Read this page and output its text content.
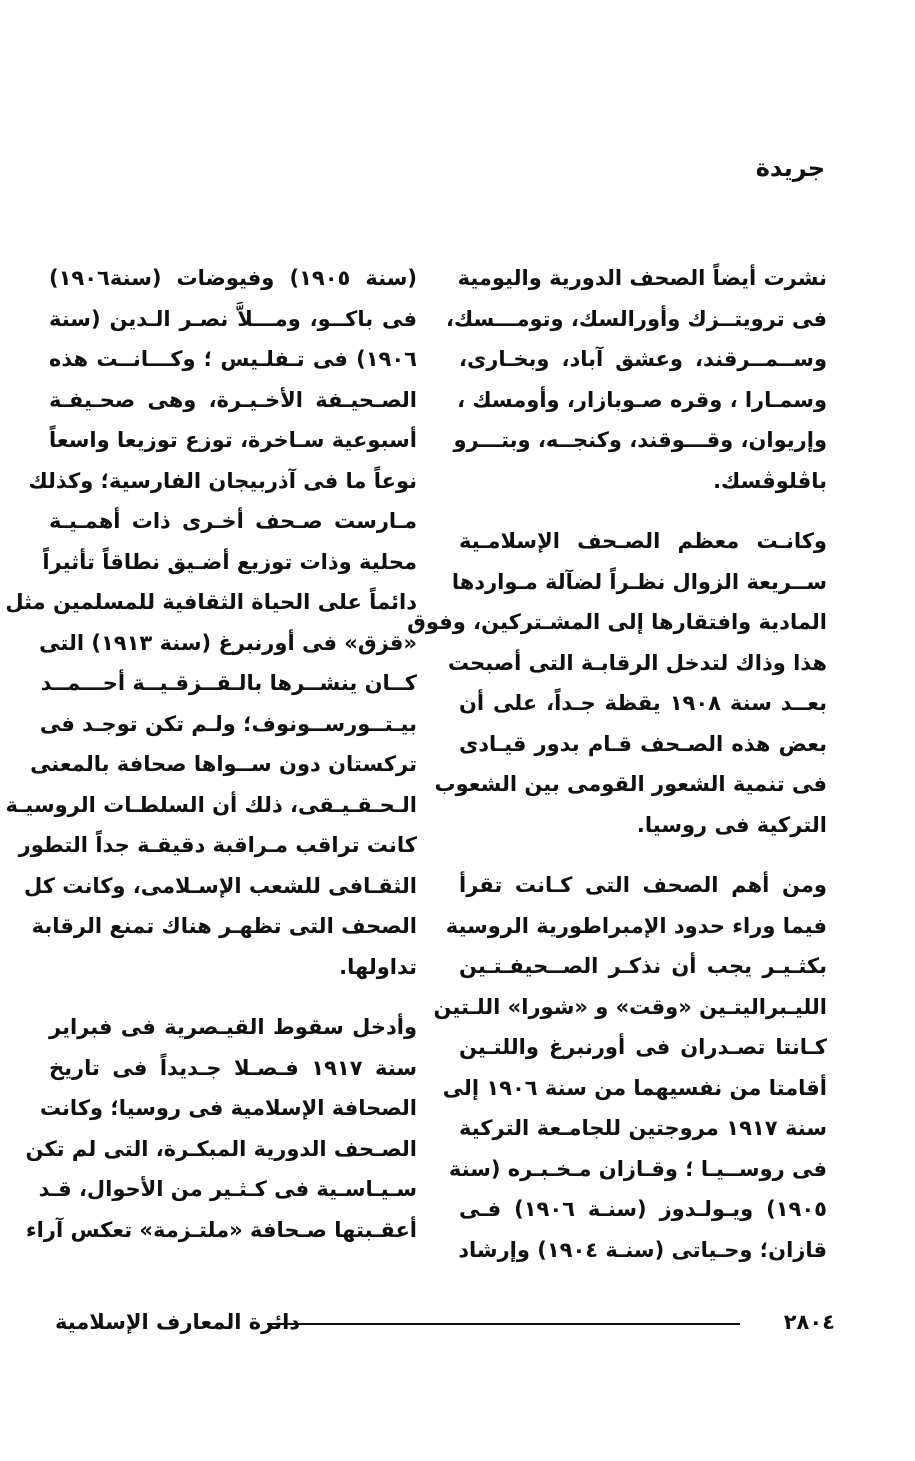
جريدة
نشرت أيضاً الصحف الدورية واليومية
فى ترويتــزك وأورالسك، وتومـــسك،
وســمــرقند، وعشق آباد، وبخـارى،
وسمـارا ، وقره صـوبازار، وأومسك ،
وإريوان، وقـــوقند، وكنجــه، وبتـــرو
باڤلوڤسك.
وكانـت معظم الصـحف الإسلامـية
ســريعة الزوال نظـراً لضآلة مـواردها
المادية وافتقارها إلى المشـتركين، وفوق
هذا وذاك لتدخل الرقابـة التى أصبحت
بعــد سنة ١٩٠٨ يقظة جـداً، على أن
بعض هذه الصـحف قـام بدور قيـادى
فى تنمية الشعور القومى بين الشعوب
التركية فى روسيا.
ومن أهم الصحف التى كـانت تقرأ
فيما وراء حدود الإمبراطورية الروسية
بكثـيـر يجب أن نذكـر الصــحيفـتـين
الليـبراليتـين «وقت» و «شورا» اللـتين
كـانتا تصـدران فى أورنبرغ واللتـين
أقامتا من نفسيهما من سنة ١٩٠٦ إلى
سنة ١٩١٧ مروجتين للجامـعة التركية
فى روســيـا ؛ وقـازان مـخـبـره (سنة
١٩٠٥) ويـولـدوز (سنـة ١٩٠٦) فـى
قازان؛ وحـياتى (سنـة ١٩٠٤) وإرشاد
(سنة ١٩٠٥) وفيوضات (سنة١٩٠٦)
فى باكــو، ومـــلاَّ نصـر الـدين (سنة
١٩٠٦) فى تـفلـيس ؛ وكـــانــت هذه
الصـحيـفة الأخـيـرة، وهى صحـيفـة
أسبوعية سـاخرة، توزع توزيعا واسعاً
نوعاً ما فى آذربيجان الفارسية؛ وكذلك
مـارست صـحف أخـرى ذات أهمـيـة
محلية وذات توزيع أضـيق نطاقاً تأثيراً
دائماً على الحياة الثقافية للمسلمين مثل
«قزق» فى أورنبرغ (سنة ١٩١٣) التى
كــان ينشــرها بالـقــزقـيــة أحـــمــد
بيـتــورســونوف؛ ولـم تكن توجـد فى
تركستان دون ســواها صحافة بالمعنى
الـحـقـيـقى، ذلك أن السلطـات الروسيـة
كانت تراقب مـراقبة دقيقـة جداً التطور
الثقـافى للشعب الإسـلامى، وكانت كل
الصحف التى تظهـر هناك تمنع الرقابة
تداولها.
وأدخل سقوط القيـصرية فى فبراير
سنة ١٩١٧ فـصـلا جـديداً فى تاريخ
الصحافة الإسلامية فى روسيا؛ وكانت
الصـحف الدورية المبكـرة، التى لم تكن
سـيـاسـية فى كـثـير من الأحوال، قـد
أعقـبتها صـحافة «ملتـزمة» تعكس آراء
دائرة المعارف الإسلامية	٢٨٠٤
